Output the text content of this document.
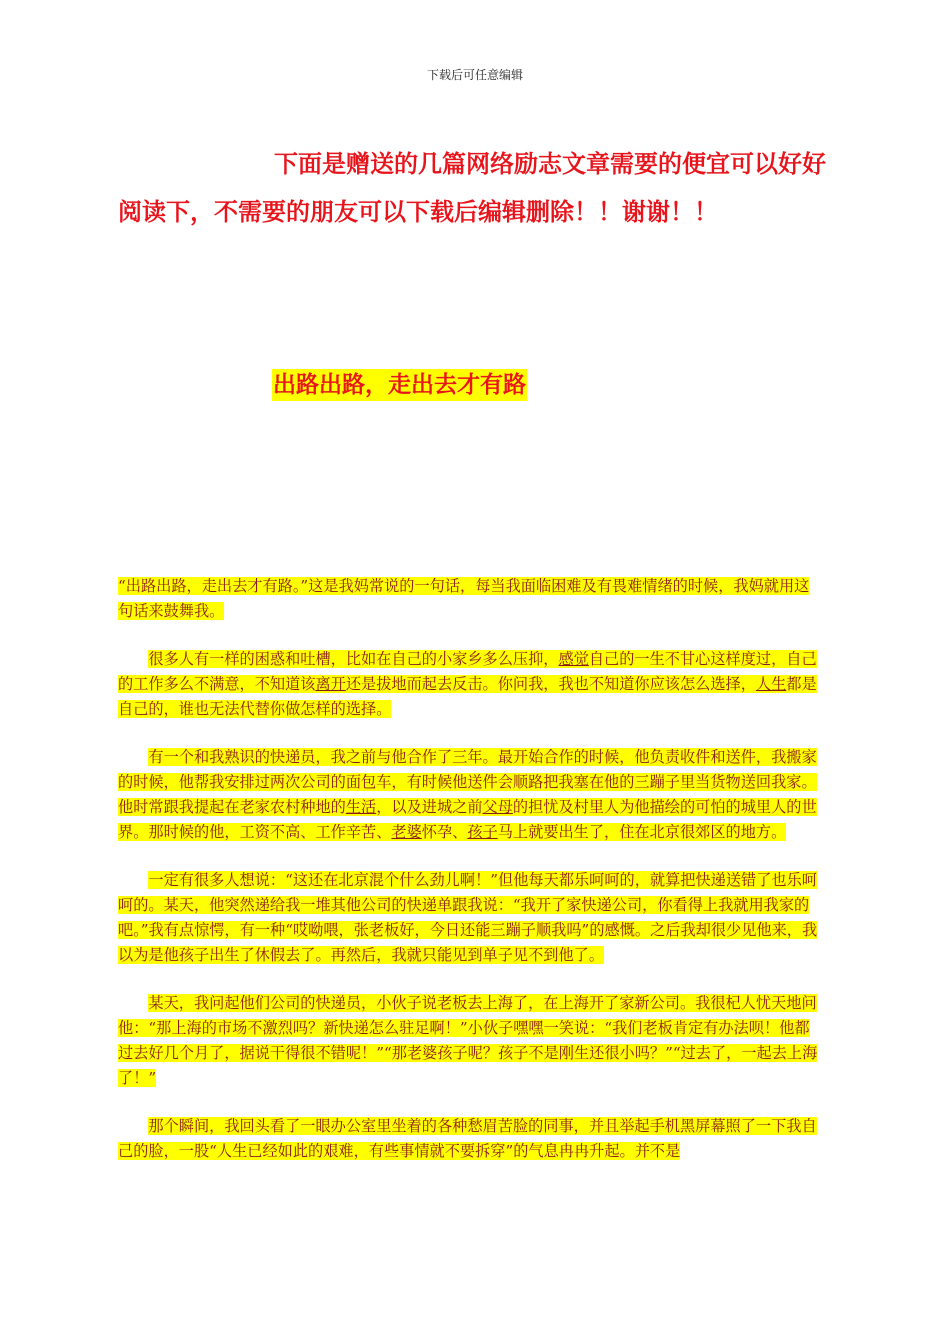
下载后可任意编辑
下面是赠送的几篇网络励志文章需要的便宜可以好好阅读下，不需要的朋友可以下载后编辑删除！！谢谢！！
出路出路，走出去才有路

“出路出路，走出去才有路。”这是我妈常说的一句话，每当我面临困难及有畏难情绪的时候，我妈就用这句话来鼓舞我。

很多人有一样的困惑和吐槽，比如在自己的小家乡多么压抑，感觉自己的一生不甘心这样度过，自己的工作多么不满意，不知道该离开还是拔地而起去反击。你问我，我也不知道你应该怎么选择，人生都是自己的，谁也无法代替你做怎样的选择。

有一个和我熟识的快递员，我之前与他合作了三年。最开始合作的时候，他负责收件和送件，我搬家的时候，他帮我安排过两次公司的面包车，有时候他送件会顺路把我塞在他的三蹦子里当货物送回我家。他时常跟我提起在老家农村种地的生活，以及进城之前父母的担忧及村里人为他描绘的可怕的城里人的世界。那时候的他，工资不高、工作辛苦、老婆怀孕、孩子马上就要出生了，住在北京很郊区的地方。

一定有很多人想说：“这还在北京混个什么劲儿啊！”但他每天都乐呵呵的，就算把快递送错了也乐呵呵的。某天，他突然递给我一堆其他公司的快递单跟我说：“我开了家快递公司，你看得上我就用我家的吧。”我有点惊愕，有一种“哎呦喂，张老板好，今日还能三蹦子顺我吗”的感慨。之后我却很少见他来，我以为是他孩子出生了休假去了。再然后，我就只能见到单子见不到他了。

某天，我问起他们公司的快递员，小伙子说老板去上海了，在上海开了家新公司。我很杞人忧天地问他：“那上海的市场不激烈吗？新快递怎么驻足啊！”小伙子嘿嘿一笑说：“我们老板肯定有办法呗！他都过去好几个月了，据说干得很不错呢！”“那老婆孩子呢？孩子不是刚生还很小吗？”“过去了，一起去上海了！”

那个瞬间，我回头看了一眼办公室里坐着的各种愁眉苦脸的同事，并且举起手机黑屏幕照了一下我自己的脸，一股“人生已经如此的艰难，有些事情就不要拆穿”的气息冉冉升起。并不是
